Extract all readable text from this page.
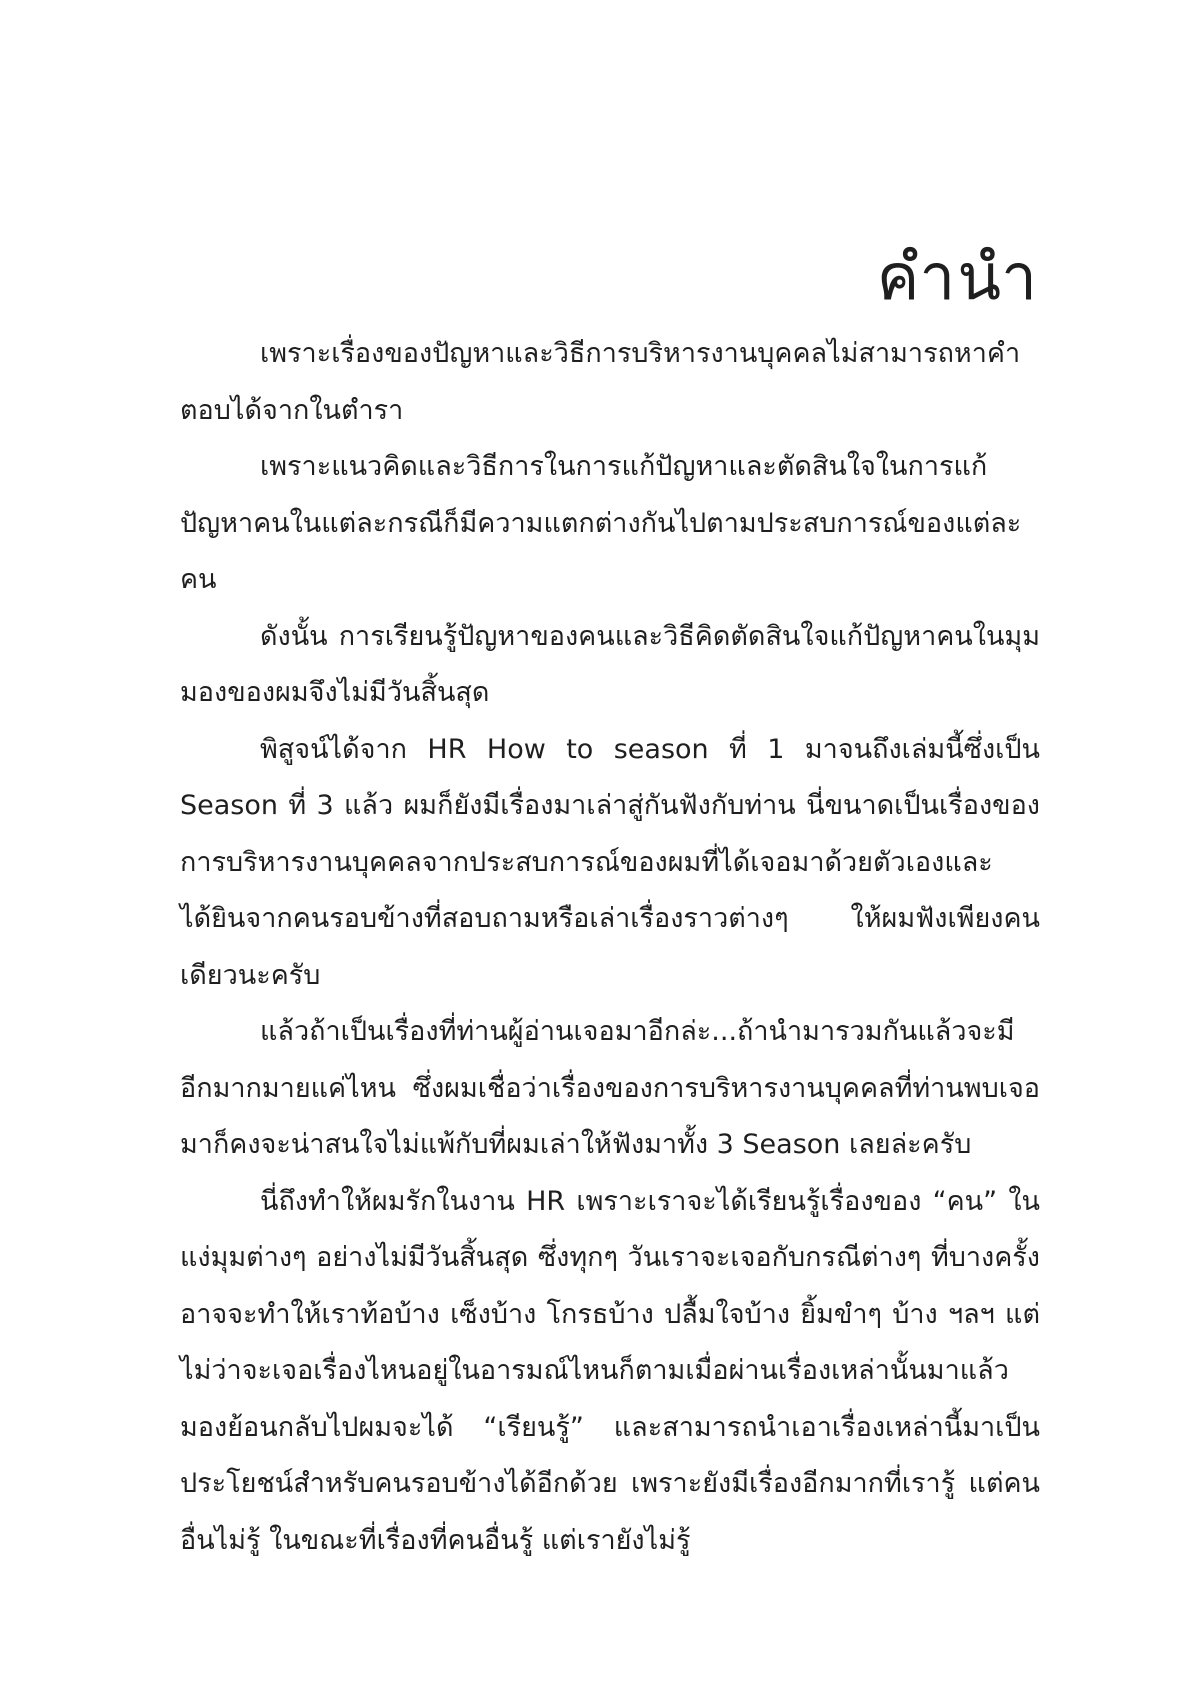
คำนำ

เพราะเรื่องของปัญหาและวิธีการบริหารงานบุคคลไม่สามารถหาคำตอบได้จากในตำรา

เพราะแนวคิดและวิธีการในการแก้ปัญหาและตัดสินใจในการแก้ปัญหาคนในแต่ละกรณีก็มีความแตกต่างกันไปตามประสบการณ์ของแต่ละคน

ดังนั้น การเรียนรู้ปัญหาของคนและวิธีคิดตัดสินใจแก้ปัญหาคนในมุมมองของผมจึงไม่มีวันสิ้นสุด

พิสูจน์ได้จาก HR How to season ที่ 1 มาจนถึงเล่มนี้ซึ่งเป็น Season ที่ 3 แล้ว ผมก็ยังมีเรื่องมาเล่าสู่กันฟังกับท่าน นี่ขนาดเป็นเรื่องของการบริหารงานบุคคลจากประสบการณ์ของผมที่ได้เจอมาด้วยตัวเองและได้ยินจากคนรอบข้างที่สอบถามหรือเล่าเรื่องราวต่างๆ ให้ผมฟังเพียงคนเดียวนะครับ

แล้วถ้าเป็นเรื่องที่ท่านผู้อ่านเจอมาอีกล่ะ...ถ้านำมารวมกันแล้วจะมีอีกมากมายแค่ไหน ซึ่งผมเชื่อว่าเรื่องของการบริหารงานบุคคลที่ท่านพบเจอมาก็คงจะน่าสนใจไม่แพ้กับที่ผมเล่าให้ฟังมาทั้ง 3 Season เลยล่ะครับ

นี่ถึงทำให้ผมรักในงาน HR เพราะเราจะได้เรียนรู้เรื่องของ “คน” ในแง่มุมต่างๆ อย่างไม่มีวันสิ้นสุด ซึ่งทุกๆ วันเราจะเจอกับกรณีต่างๆ ที่บางครั้งอาจจะทำให้เราท้อบ้าง เซ็งบ้าง โกรธบ้าง ปลื้มใจบ้าง ยิ้มขำๆ บ้าง ฯลฯ แต่ไม่ว่าจะเจอเรื่องไหนอยู่ในอารมณ์ไหนก็ตามเมื่อผ่านเรื่องเหล่านั้นมาแล้วมองย้อนกลับไปผมจะได้ “เรียนรู้” และสามารถนำเอาเรื่องเหล่านี้มาเป็นประโยชน์สำหรับคนรอบข้างได้อีกด้วย เพราะยังมีเรื่องอีกมากที่เรารู้ แต่คนอื่นไม่รู้ ในขณะที่เรื่องที่คนอื่นรู้ แต่เรายังไม่รู้
